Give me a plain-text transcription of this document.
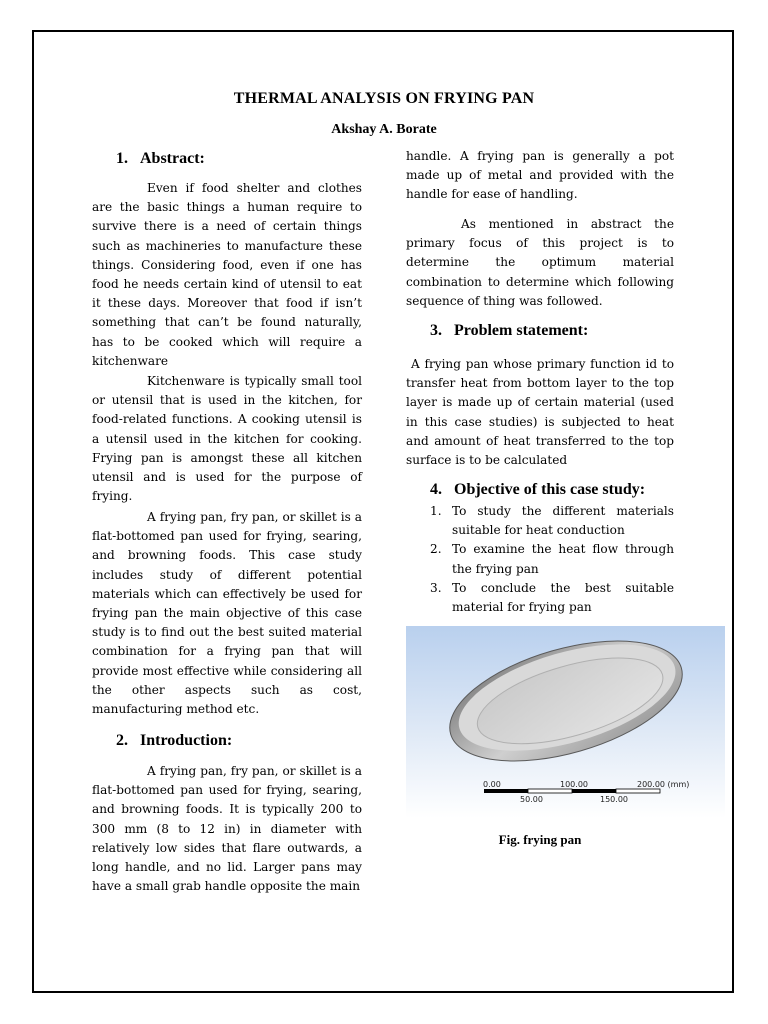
THERMAL ANALYSIS ON FRYING PAN
Akshay A. Borate
1. Abstract:

Even if food shelter and clothes are the basic things a human require to survive there is a need of certain things such as machineries to manufacture these things. Considering food, even if one has food he needs certain kind of utensil to eat it these days. Moreover that food if isn’t something that can’t be found naturally, has to be cooked which will require a kitchenware

Kitchenware is typically small tool or utensil that is used in the kitchen, for food-related functions. A cooking utensil is a utensil used in the kitchen for cooking. Frying pan is amongst these all kitchen utensil and is used for the purpose of frying.

A frying pan, fry pan, or skillet is a flat-bottomed pan used for frying, searing, and browning foods. This case study includes study of different potential materials which can effectively be used for frying pan the main objective of this case study is to find out the best suited material combination for a frying pan that will provide most effective while considering all the other aspects such as cost, manufacturing method etc.

2. Introduction:

A frying pan, fry pan, or skillet is a flat-bottomed pan used for frying, searing, and browning foods. It is typically 200 to 300 mm (8 to 12 in) in diameter with relatively low sides that flare outwards, a long handle, and no lid. Larger pans may have a small grab handle opposite the main

handle. A frying pan is generally a pot made up of metal and provided with the handle for ease of handling.

As mentioned in abstract the primary focus of this project is to determine the optimum material combination to determine which following sequence of thing was followed.

3. Problem statement:

A frying pan whose primary function id to transfer heat from bottom layer to the top layer is made up of certain material (used in this case studies) is subjected to heat and amount of heat transferred to the top surface is to be calculated

4. Objective of this case study:
1. To study the different materials suitable for heat conduction
2. To examine the heat flow through the frying pan
3. To conclude the best suitable material for frying pan
0.00	100.00	200.00 (mm)
50.00	150.00
Fig. frying pan
